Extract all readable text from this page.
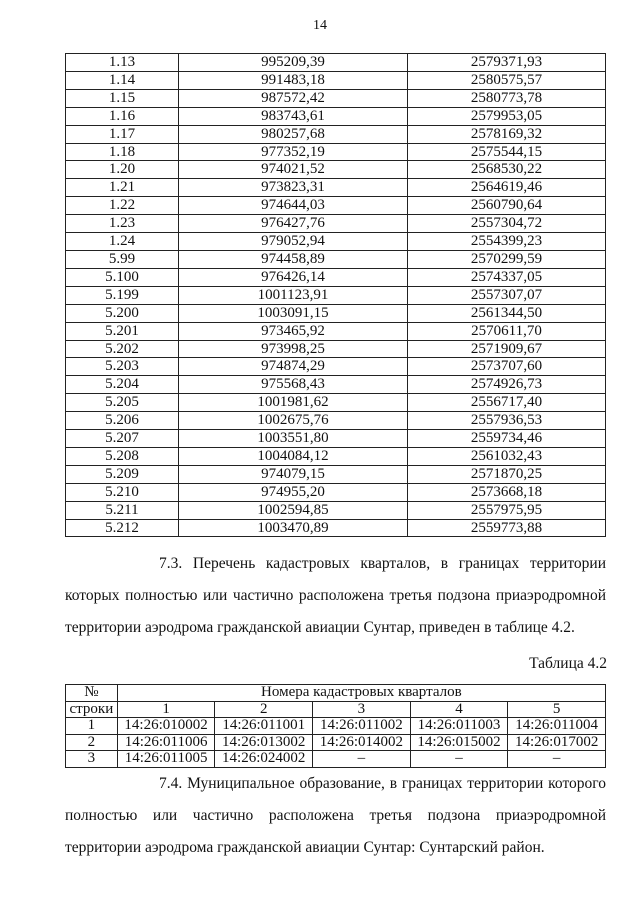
14
1.13	995209,39	2579371,93
1.14	991483,18	2580575,57
1.15	987572,42	2580773,78
1.16	983743,61	2579953,05
1.17	980257,68	2578169,32
1.18	977352,19	2575544,15
1.20	974021,52	2568530,22
1.21	973823,31	2564619,46
1.22	974644,03	2560790,64
1.23	976427,76	2557304,72
1.24	979052,94	2554399,23
5.99	974458,89	2570299,59
5.100	976426,14	2574337,05
5.199	1001123,91	2557307,07
5.200	1003091,15	2561344,50
5.201	973465,92	2570611,70
5.202	973998,25	2571909,67
5.203	974874,29	2573707,60
5.204	975568,43	2574926,73
5.205	1001981,62	2556717,40
5.206	1002675,76	2557936,53
5.207	1003551,80	2559734,46
5.208	1004084,12	2561032,43
5.209	974079,15	2571870,25
5.210	974955,20	2573668,18
5.211	1002594,85	2557975,95
5.212	1003470,89	2559773,88
7.3. Перечень кадастровых кварталов, в границах территории которых полностью или частично расположена третья подзона приаэродромной территории аэродрома гражданской авиации Сунтар, приведен в таблице 4.2.
Таблица 4.2
№	Номера кадастровых кварталов				
строки	1	2	3	4	5
1	14:26:010002	14:26:011001	14:26:011002	14:26:011003	14:26:011004
2	14:26:011006	14:26:013002	14:26:014002	14:26:015002	14:26:017002
3	14:26:011005	14:26:024002	–	–	–
7.4. Муниципальное образование, в границах территории которого полностью или частично расположена третья подзона приаэродромной территории аэродрома гражданской авиации Сунтар: Сунтарский район.
